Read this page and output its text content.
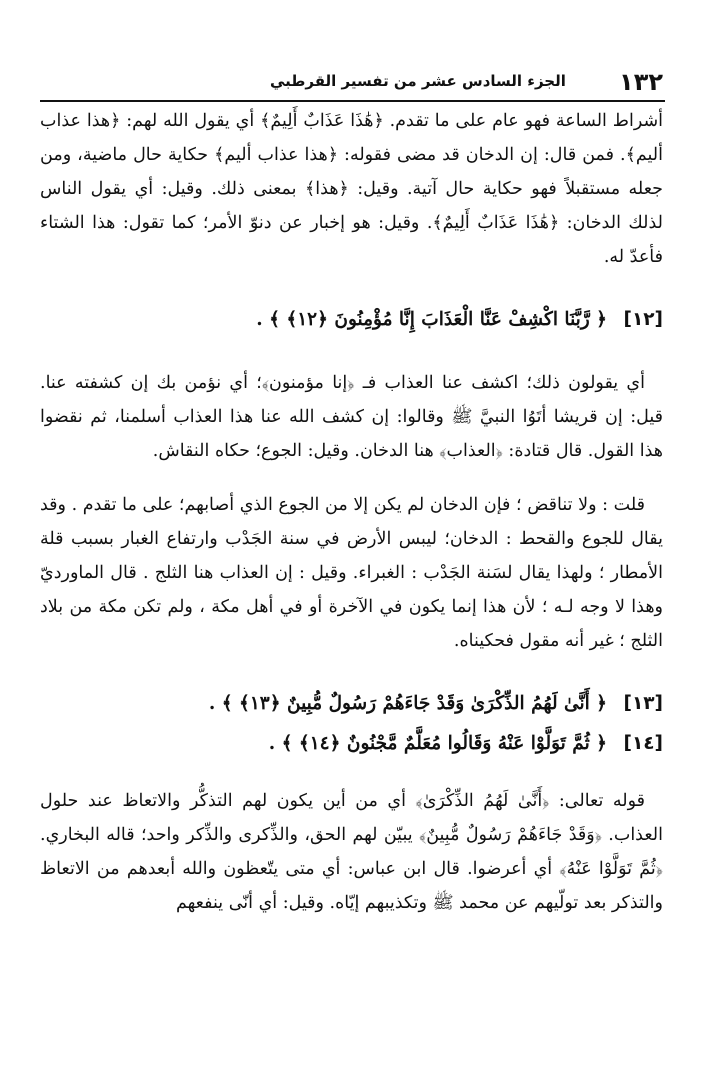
١٣٢
الجزء السادس عشر من تفسير القرطبي

أشراط الساعة فهو عام على ما تقدم. ﴿هَٰذَا عَذَابٌ أَلِيمٌ﴾ أي يقول الله لهم: ﴿هذا عذاب أليم﴾. فمن قال: إن الدخان قد مضى فقوله: ﴿هذا عذاب أليم﴾ حكاية حال ماضية، ومن جعله مستقبلاً فهو حكاية حال آتية. وقيل: ﴿هذا﴾ بمعنى ذلك. وقيل: أي يقول الناس لذلك الدخان: ﴿هَٰذَا عَذَابٌ أَلِيمٌ﴾. وقيل: هو إخبار عن دنوّ الأمر؛ كما تقول: هذا الشتاء فأعدّ له.

[١٢] ﴿ رَّبَّنَا اكْشِفْ عَنَّا الْعَذَابَ إِنَّا مُؤْمِنُونَ ﴿١٢﴾ ﴾ .

أي يقولون ذلك؛ اكشف عنا العذاب فـ ﴿إنا مؤمنون﴾؛ أي نؤمن بك إن كشفته عنا. قيل: إن قريشا أتَوُا النبيَّ ﷺ وقالوا: إن كشف الله عنا هذا العذاب أسلمنا، ثم نقضوا هذا القول. قال قتادة: ﴿العذاب﴾ هنا الدخان. وقيل: الجوع؛ حكاه النقاش.

قلت : ولا تناقض ؛ فإن الدخان لم يكن إلا من الجوع الذي أصابهم؛ على ما تقدم . وقد يقال للجوع والقحط : الدخان؛ ليبس الأرض في سنة الجَدْب وارتفاع الغبار بسبب قلة الأمطار ؛ ولهذا يقال لسَنة الجَدْب : الغبراء. وقيل : إن العذاب هنا الثلج . قال الماورديّ وهذا لا وجه لـه ؛ لأن هذا إنما يكون في الآخرة أو في أهل مكة ، ولم تكن مكة من بلاد الثلج ؛ غير أنه مقول فحكيناه.

[١٣] ﴿ أَنَّىٰ لَهُمُ الذِّكْرَىٰ وَقَدْ جَاءَهُمْ رَسُولٌ مُّبِينٌ ﴿١٣﴾ ﴾ .

[١٤] ﴿ ثُمَّ تَوَلَّوْا عَنْهُ وَقَالُوا مُعَلَّمٌ مَّجْنُونٌ ﴿١٤﴾ ﴾ .

قوله تعالى: ﴿أَنَّىٰ لَهُمُ الذِّكْرَىٰ﴾ أي من أين يكون لهم التذكُّر والاتعاظ عند حلول العذاب. ﴿وَقَدْ جَاءَهُمْ رَسُولٌ مُّبِينٌ﴾ يبيّن لهم الحق، والذِّكرى والذِّكر واحد؛ قاله البخاري. ﴿ثُمَّ تَوَلَّوْا عَنْهُ﴾ أي أعرضوا. قال ابن عباس: أي متى يتّعظون والله أبعدهم من الاتعاظ والتذكر بعد تولّيهم عن محمد ﷺ وتكذيبهم إيّاه. وقيل: أي أنّى ينفعهم
